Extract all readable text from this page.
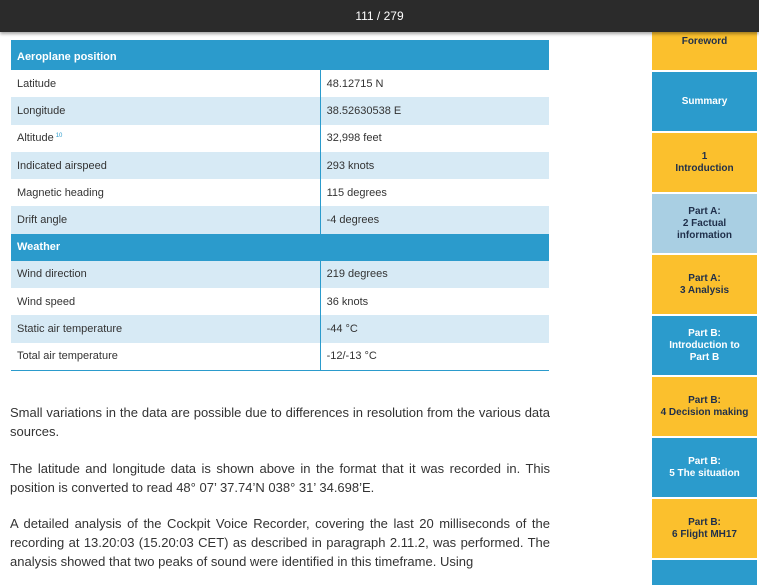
111 / 279
Aeroplane position	
Latitude	48.12715 N
Longitude	38.52630538 E
Altitude $^{10}$	32,998 feet
Indicated airspeed	293 knots
Magnetic heading	115 degrees
Drift angle	-4 degrees
Weather	
Wind direction	219 degrees
Wind speed	36 knots
Static air temperature	-44 °C
Total air temperature	-12/-13 °C

Small variations in the data are possible due to differences in resolution from the various data sources.

The latitude and longitude data is shown above in the format that it was recorded in. This position is converted to read 48° 07’ 37.74’N 038° 31’ 34.698’E.

A detailed analysis of the Cockpit Voice Recorder, covering the last 20 milliseconds of the recording at 13.20:03 (15.20:03 CET) as described in paragraph 2.11.2, was performed. The analysis showed that two peaks of sound were identified in this timeframe. Using

Foreword
Summary
1
Introduction
Part A:
2 Factual
information
Part A:
3 Analysis
Part B:
Introduction to
Part B
Part B:
4 Decision making
Part B:
5 The situation
Part B:
6 Flight MH17
